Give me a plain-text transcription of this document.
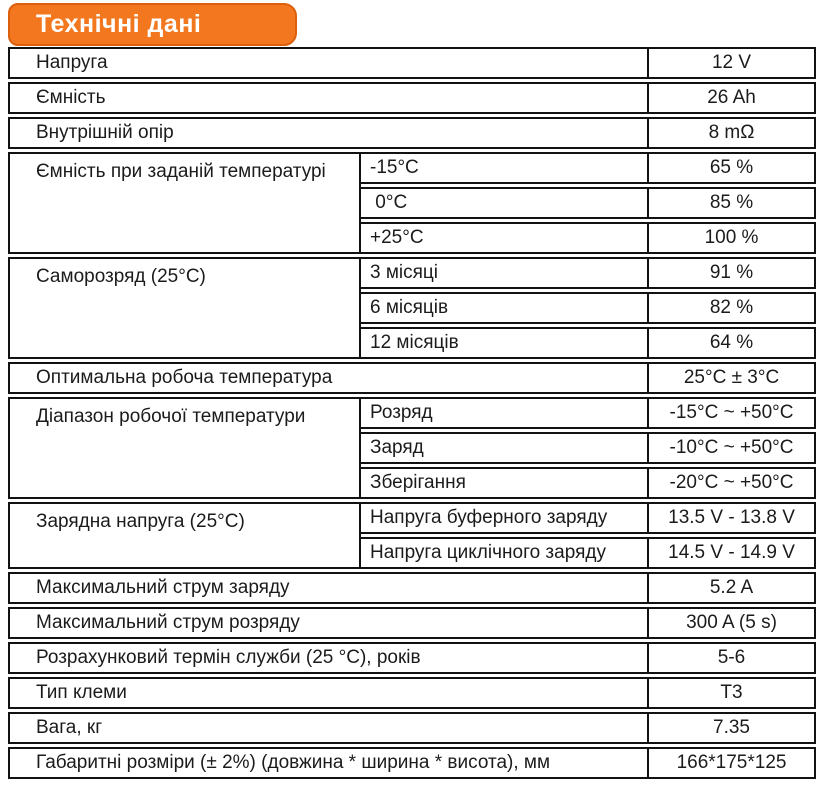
Технічні дані
Напруга		12 V
Ємність		26 Ah
Внутрішній опір		8 mΩ
Ємність при заданій температурі	-15°C	65 %
	0°C	85 %
	+25°C	100 %
Саморозряд (25°C)	3 місяці	91 %
	6 місяців	82 %
	12 місяців	64 %
Оптимальна робоча температура		25°C ± 3°C
Діапазон робочої температури	Розряд	-15°C ~ +50°C
	Заряд	-10°C ~ +50°C
	Зберігання	-20°C ~ +50°C
Зарядна напруга (25°C)	Напруга буферного заряду	13.5 V - 13.8 V
	Напруга циклічного заряду	14.5 V - 14.9 V
Максимальний струм заряду		5.2 A
Максимальний струм розряду		300 A (5 s)
Розрахунковий термін служби (25 °C), років		5-6
Тип клеми		T3
Вага, кг		7.35
Габаритні розміри (± 2%) (довжина * ширина * висота), мм		166*175*125
